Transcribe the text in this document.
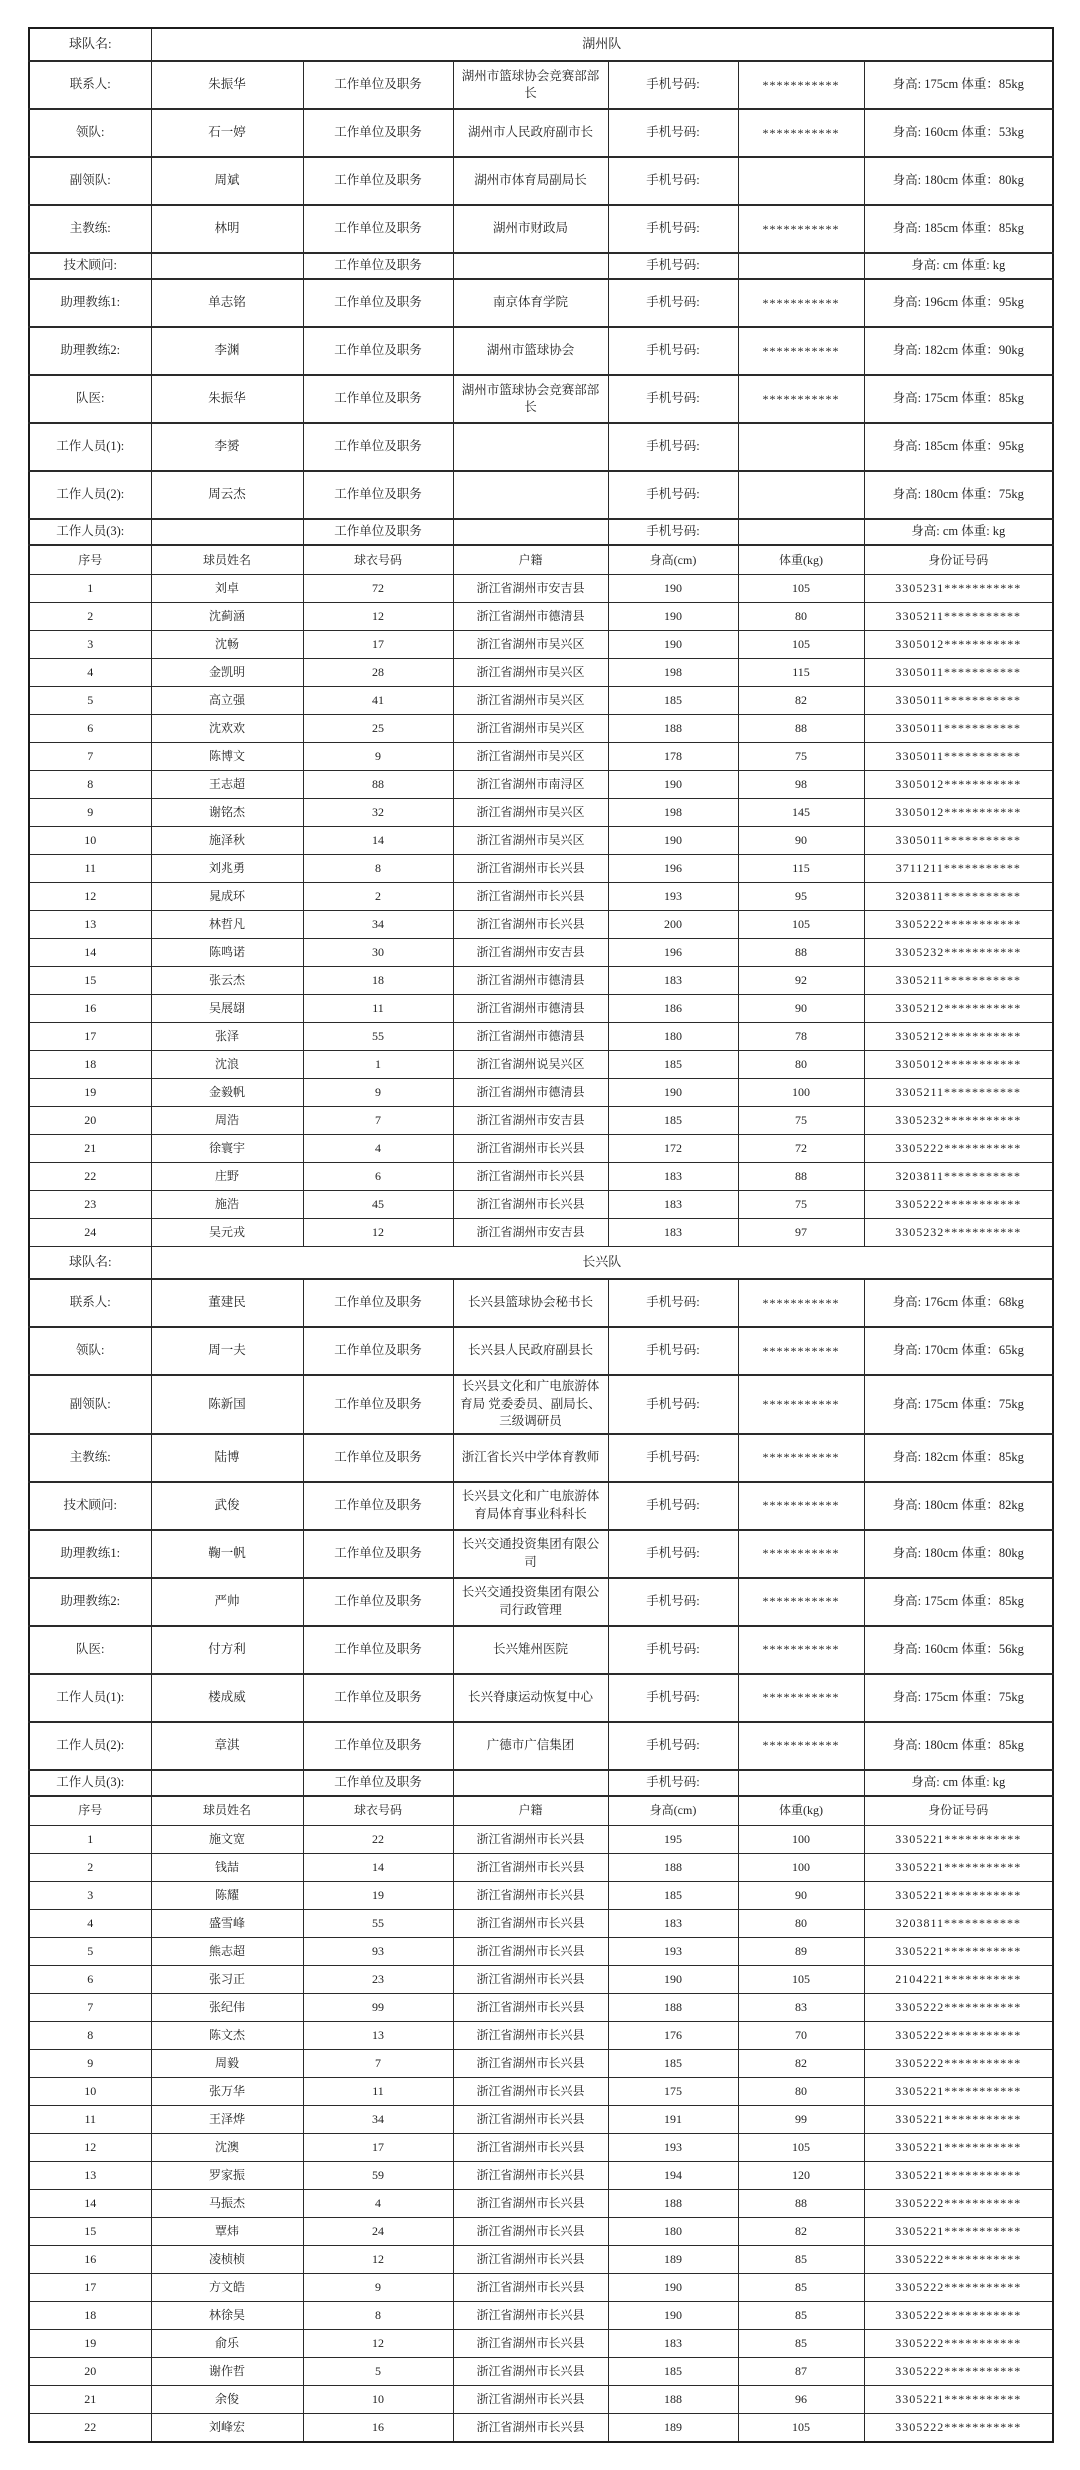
球队名:	湖州队					
联系人:	朱振华	工作单位及职务	湖州市篮球协会竞赛部部长	手机号码:	***********	身高: 175cm 体重：85kg
领队:	石一婷	工作单位及职务	湖州市人民政府副市长	手机号码:	***********	身高: 160cm 体重：53kg
副领队:	周斌	工作单位及职务	湖州市体育局副局长	手机号码:		身高: 180cm 体重：80kg
主教练:	林明	工作单位及职务	湖州市财政局	手机号码:	***********	身高: 185cm 体重：85kg
技术顾问:		工作单位及职务		手机号码:		身高: cm 体重: kg
助理教练1:	单志铭	工作单位及职务	南京体育学院	手机号码:	***********	身高: 196cm 体重：95kg
助理教练2:	李渊	工作单位及职务	湖州市篮球协会	手机号码:	***********	身高: 182cm 体重：90kg
队医:	朱振华	工作单位及职务	湖州市篮球协会竞赛部部长	手机号码:	***********	身高: 175cm 体重：85kg
工作人员(1):	李赟	工作单位及职务		手机号码:		身高: 185cm 体重：95kg
工作人员(2):	周云杰	工作单位及职务		手机号码:		身高: 180cm 体重：75kg
工作人员(3):		工作单位及职务		手机号码:		身高: cm 体重: kg
序号	球员姓名	球衣号码	户籍	身高(cm)	体重(kg)	身份证号码
1	刘卓	72	浙江省湖州市安吉县	190	105	3305231***********
2	沈蓟涵	12	浙江省湖州市德清县	190	80	3305211***********
3	沈畅	17	浙江省湖州市吴兴区	190	105	3305012***********
4	金凯明	28	浙江省湖州市吴兴区	198	115	3305011***********
5	高立强	41	浙江省湖州市吴兴区	185	82	3305011***********
6	沈欢欢	25	浙江省湖州市吴兴区	188	88	3305011***********
7	陈博文	9	浙江省湖州市吴兴区	178	75	3305011***********
8	王志超	88	浙江省湖州市南浔区	190	98	3305012***********
9	谢铭杰	32	浙江省湖州市吴兴区	198	145	3305012***********
10	施泽秋	14	浙江省湖州市吴兴区	190	90	3305011***********
11	刘兆勇	8	浙江省湖州市长兴县	196	115	3711211***********
12	晁成环	2	浙江省湖州市长兴县	193	95	3203811***********
13	林哲凡	34	浙江省湖州市长兴县	200	105	3305222***********
14	陈鸣诺	30	浙江省湖州市安吉县	196	88	3305232***********
15	张云杰	18	浙江省湖州市德清县	183	92	3305211***********
16	吴展翃	11	浙江省湖州市德清县	186	90	3305212***********
17	张泽	55	浙江省湖州市德清县	180	78	3305212***********
18	沈浪	1	浙江省湖州说吴兴区	185	80	3305012***********
19	金毅帆	9	浙江省湖州市德清县	190	100	3305211***********
20	周浩	7	浙江省湖州市安吉县	185	75	3305232***********
21	徐寰宇	4	浙江省湖州市长兴县	172	72	3305222***********
22	庄野	6	浙江省湖州市长兴县	183	88	3203811***********
23	施浩	45	浙江省湖州市长兴县	183	75	3305222***********
24	吴元戎	12	浙江省湖州市安吉县	183	97	3305232***********
球队名:	长兴队					
联系人:	董建民	工作单位及职务	长兴县篮球协会秘书长	手机号码:	***********	身高: 176cm 体重：68kg
领队:	周一夫	工作单位及职务	长兴县人民政府副县长	手机号码:	***********	身高: 170cm 体重：65kg
副领队:	陈新国	工作单位及职务	长兴县文化和广电旅游体育局 党委委员、副局长、三级调研员	手机号码:	***********	身高: 175cm 体重：75kg
主教练:	陆博	工作单位及职务	浙江省长兴中学体育教师	手机号码:	***********	身高: 182cm 体重：85kg
技术顾问:	武俊	工作单位及职务	长兴县文化和广电旅游体育局体育事业科科长	手机号码:	***********	身高: 180cm 体重：82kg
助理教练1:	鞠一帆	工作单位及职务	长兴交通投资集团有限公司	手机号码:	***********	身高: 180cm 体重：80kg
助理教练2:	严帅	工作单位及职务	长兴交通投资集团有限公司行政管理	手机号码:	***********	身高: 175cm 体重：85kg
队医:	付方利	工作单位及职务	长兴雉州医院	手机号码:	***********	身高: 160cm 体重：56kg
工作人员(1):	楼成威	工作单位及职务	长兴脊康运动恢复中心	手机号码:	***********	身高: 175cm 体重：75kg
工作人员(2):	章淇	工作单位及职务	广德市广信集团	手机号码:	***********	身高: 180cm 体重：85kg
工作人员(3):		工作单位及职务		手机号码:		身高: cm 体重: kg
序号	球员姓名	球衣号码	户籍	身高(cm)	体重(kg)	身份证号码
1	施文宽	22	浙江省湖州市长兴县	195	100	3305221***********
2	钱喆	14	浙江省湖州市长兴县	188	100	3305221***********
3	陈耀	19	浙江省湖州市长兴县	185	90	3305221***********
4	盛雪峰	55	浙江省湖州市长兴县	183	80	3203811***********
5	熊志超	93	浙江省湖州市长兴县	193	89	3305221***********
6	张习正	23	浙江省湖州市长兴县	190	105	2104221***********
7	张纪伟	99	浙江省湖州市长兴县	188	83	3305222***********
8	陈文杰	13	浙江省湖州市长兴县	176	70	3305222***********
9	周毅	7	浙江省湖州市长兴县	185	82	3305222***********
10	张万华	11	浙江省湖州市长兴县	175	80	3305221***********
11	王泽烨	34	浙江省湖州市长兴县	191	99	3305221***********
12	沈澳	17	浙江省湖州市长兴县	193	105	3305221***********
13	罗家振	59	浙江省湖州市长兴县	194	120	3305221***********
14	马振杰	4	浙江省湖州市长兴县	188	88	3305222***********
15	覃炜	24	浙江省湖州市长兴县	180	82	3305221***********
16	凌桢桢	12	浙江省湖州市长兴县	189	85	3305222***********
17	方文皓	9	浙江省湖州市长兴县	190	85	3305222***********
18	林徐昊	8	浙江省湖州市长兴县	190	85	3305222***********
19	俞乐	12	浙江省湖州市长兴县	183	85	3305222***********
20	谢作哲	5	浙江省湖州市长兴县	185	87	3305222***********
21	余俊	10	浙江省湖州市长兴县	188	96	3305221***********
22	刘峰宏	16	浙江省湖州市长兴县	189	105	3305222***********
